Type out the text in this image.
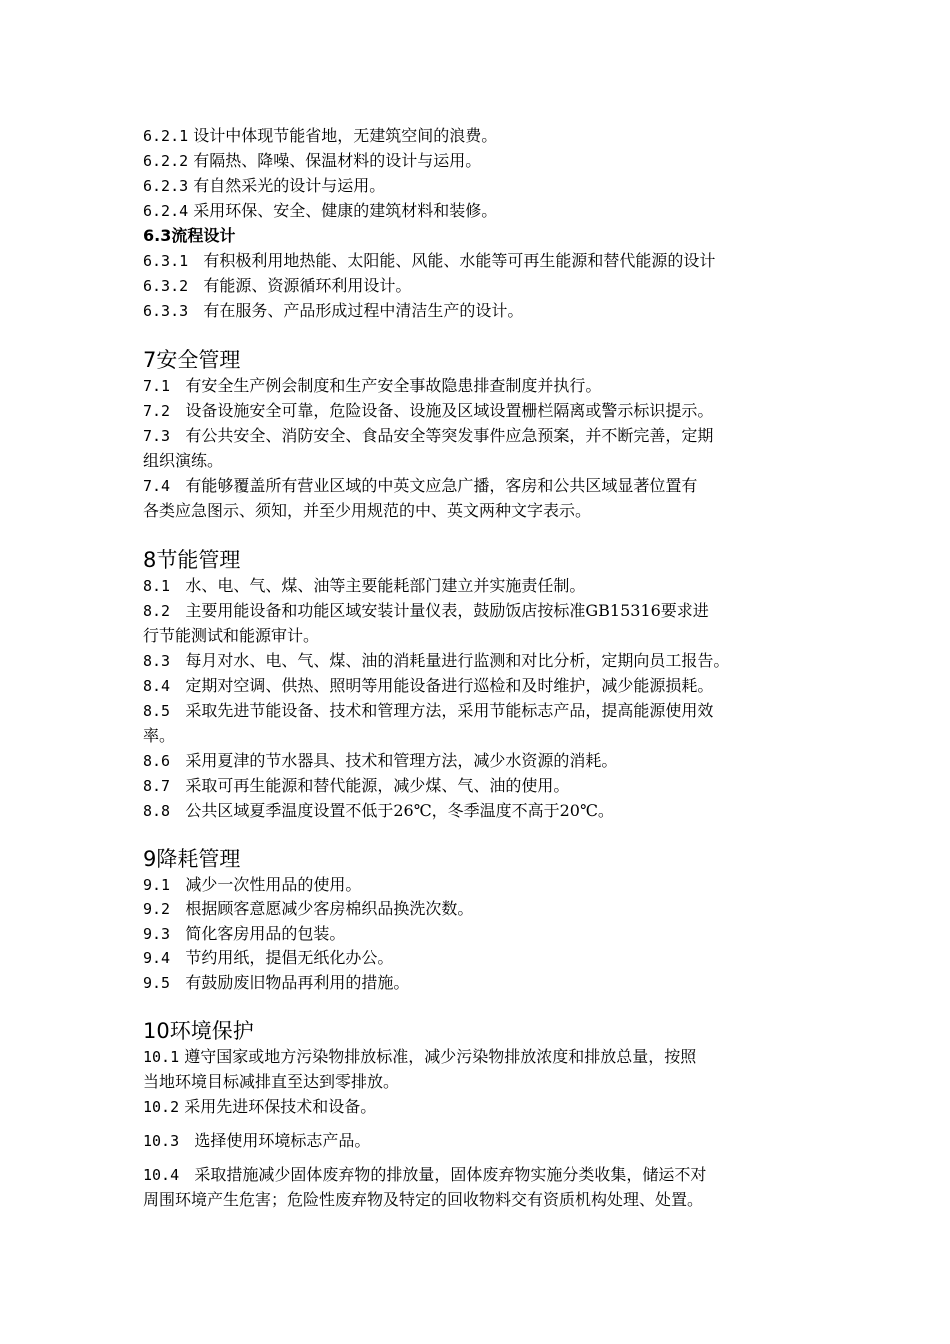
6.2.1 设计中体现节能省地，无建筑空间的浪费。
6.2.2 有隔热、降噪、保温材料的设计与运用。
6.2.3 有自然采光的设计与运用。
6.2.4 采用环保、安全、健康的建筑材料和装修。
6.3流程设计
6.3.1 有积极利用地热能、太阳能、风能、水能等可再生能源和替代能源的设计
6.3.2 有能源、资源循环利用设计。
6.3.3 有在服务、产品形成过程中清洁生产的设计。
7安全管理
7.1 有安全生产例会制度和生产安全事故隐患排查制度并执行。
7.2 设备设施安全可靠，危险设备、设施及区域设置栅栏隔离或警示标识提示。
7.3 有公共安全、消防安全、食品安全等突发事件应急预案，并不断完善，定期
组织演练。
7.4 有能够覆盖所有营业区域的中英文应急广播，客房和公共区域显著位置有
各类应急图示、须知，并至少用规范的中、英文两种文字表示。
8节能管理
8.1 水、电、气、煤、油等主要能耗部门建立并实施责任制。
8.2 主要用能设备和功能区域安装计量仪表，鼓励饭店按标准GB15316要求进
行节能测试和能源审计。
8.3 每月对水、电、气、煤、油的消耗量进行监测和对比分析，定期向员工报告。
8.4 定期对空调、供热、照明等用能设备进行巡检和及时维护，减少能源损耗。
8.5 采取先进节能设备、技术和管理方法，采用节能标志产品，提高能源使用效
率。
8.6 采用夏津的节水器具、技术和管理方法，减少水资源的消耗。
8.7 采取可再生能源和替代能源，减少煤、气、油的使用。
8.8 公共区域夏季温度设置不低于26℃，冬季温度不高于20℃。
9降耗管理
9.1 减少一次性用品的使用。
9.2 根据顾客意愿减少客房棉织品换洗次数。
9.3 简化客房用品的包装。
9.4 节约用纸，提倡无纸化办公。
9.5 有鼓励废旧物品再利用的措施。
10环境保护
10.1 遵守国家或地方污染物排放标准，减少污染物排放浓度和排放总量，按照
当地环境目标减排直至达到零排放。
10.2 采用先进环保技术和设备。
10.3 选择使用环境标志产品。
10.4 采取措施减少固体废弃物的排放量，固体废弃物实施分类收集，储运不对
周围环境产生危害；危险性废弃物及特定的回收物料交有资质机构处理、处置。
